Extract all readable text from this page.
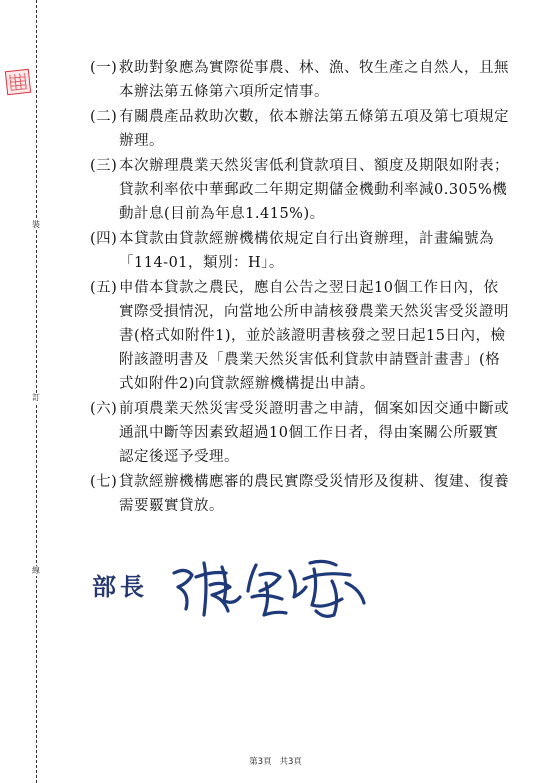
裝
訂
線
(一) 救助對象應為實際從事農、林、漁、牧生產之自然人，且無本辦法第五條第六項所定情事。
(二) 有關農產品救助次數，依本辦法第五條第五項及第七項規定辦理。
(三) 本次辦理農業天然災害低利貸款項目、額度及期限如附表；貸款利率依中華郵政二年期定期儲金機動利率減0.305%機動計息(目前為年息1.415%)。
(四) 本貸款由貸款經辦機構依規定自行出資辦理，計畫編號為「114-01，類別：H」。
(五) 申借本貸款之農民，應自公告之翌日起10個工作日內，依實際受損情況，向當地公所申請核發農業天然災害受災證明書(格式如附件1)，並於該證明書核發之翌日起15日內，檢附該證明書及「農業天然災害低利貸款申請暨計畫書」(格式如附件2)向貸款經辦機構提出申請。
(六) 前項農業天然災害受災證明書之申請，個案如因交通中斷或通訊中斷等因素致超過10個工作日者，得由案關公所覈實認定後逕予受理。
(七) 貸款經辦機構應審的農民實際受災情形及復耕、復建、復養需要覈實貸放。
部長
第3頁 共3頁
